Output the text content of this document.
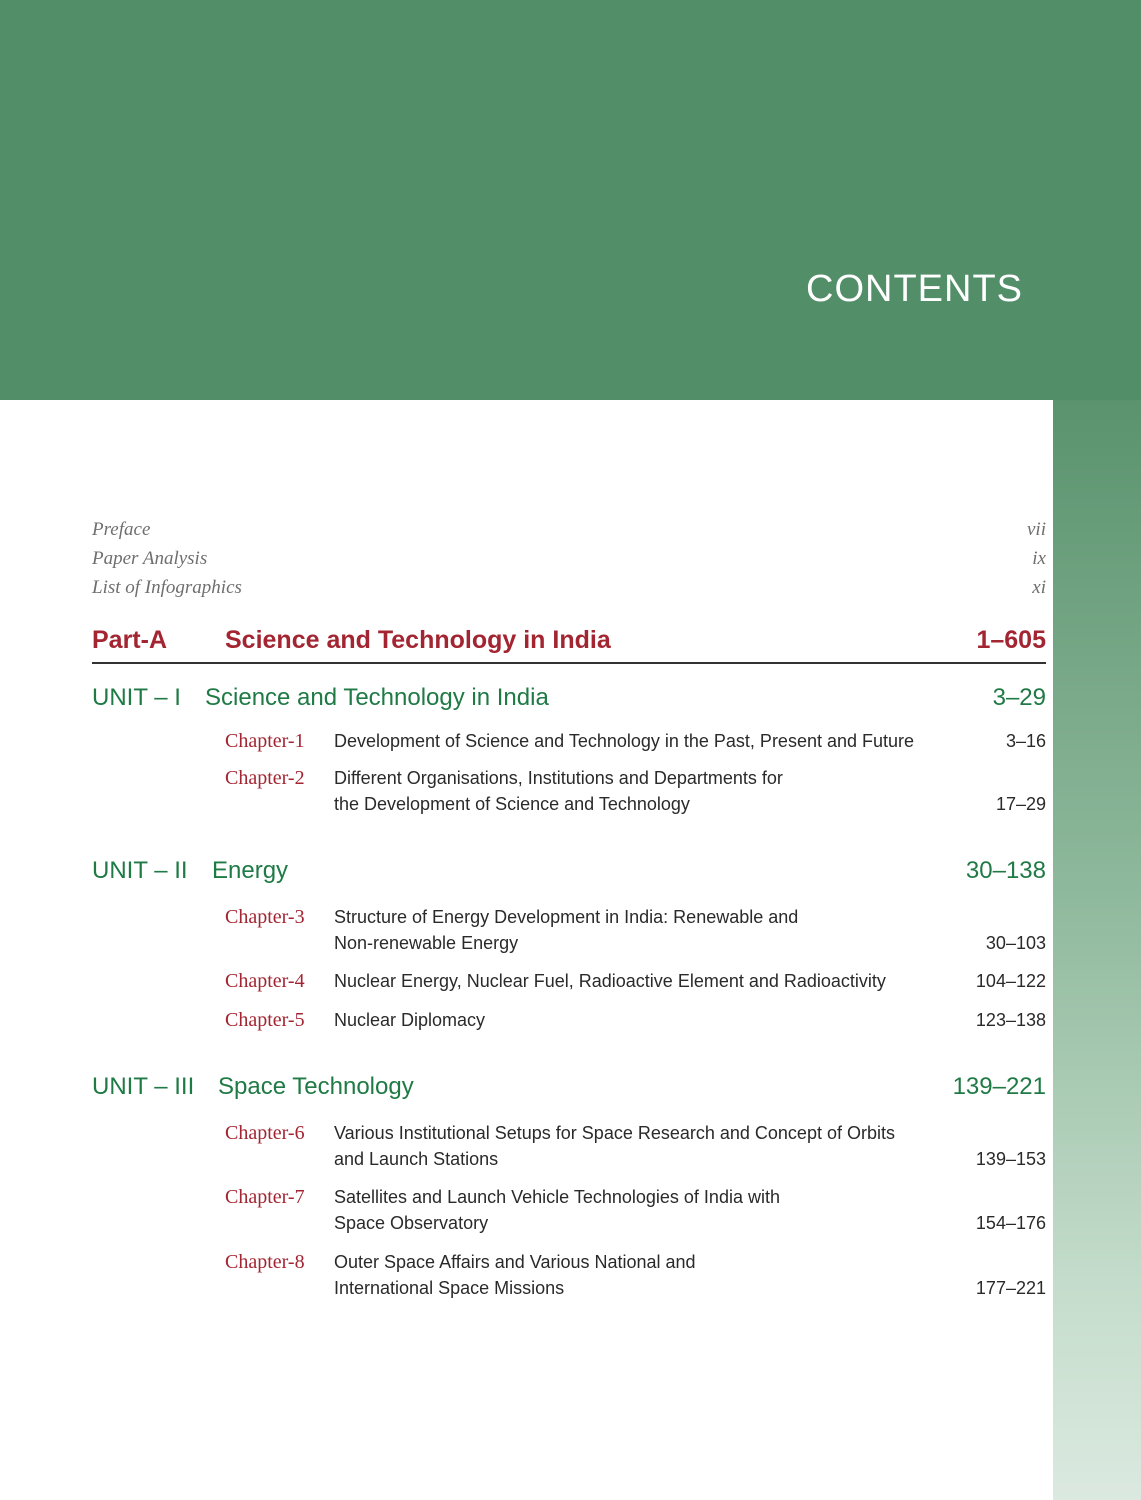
CONTENTS
Preface	vii
Paper Analysis	ix
List of Infographics	xi
Part-A Science and Technology in India	1–605
UNIT – I Science and Technology in India	3–29
Chapter-1 Development of Science and Technology in the Past, Present and Future	3–16
Chapter-2 Different Organisations, Institutions and Departments for
the Development of Science and Technology	17–29
UNIT – II Energy	30–138
Chapter-3 Structure of Energy Development in India: Renewable and
Non-renewable Energy	30–103
Chapter-4 Nuclear Energy, Nuclear Fuel, Radioactive Element and Radioactivity	104–122
Chapter-5 Nuclear Diplomacy	123–138
UNIT – III Space Technology	139–221
Chapter-6 Various Institutional Setups for Space Research and Concept of Orbits
and Launch Stations	139–153
Chapter-7 Satellites and Launch Vehicle Technologies of India with
Space Observatory	154–176
Chapter-8 Outer Space Affairs and Various National and
International Space Missions	177–221
